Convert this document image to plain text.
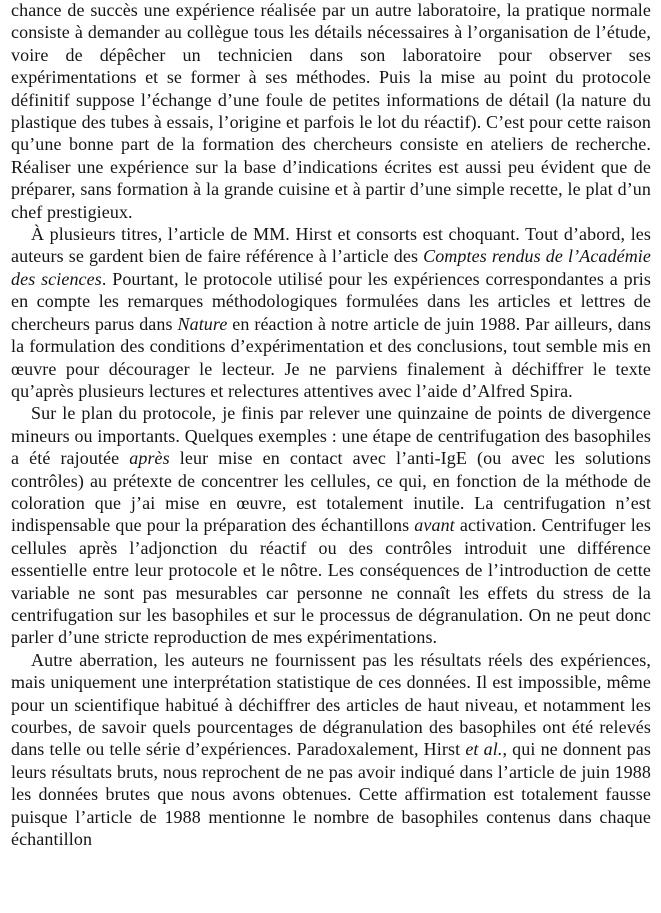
chance de succès une expérience réalisée par un autre laboratoire, la pratique normale consiste à demander au collègue tous les détails nécessaires à l’organisation de l’étude, voire de dépêcher un technicien dans son laboratoire pour observer ses expérimentations et se former à ses méthodes. Puis la mise au point du protocole définitif suppose l’échange d’une foule de petites informations de détail (la nature du plastique des tubes à essais, l’origine et parfois le lot du réactif). C’est pour cette raison qu’une bonne part de la formation des chercheurs consiste en ateliers de recherche. Réaliser une expérience sur la base d’indications écrites est aussi peu évident que de préparer, sans formation à la grande cuisine et à partir d’une simple recette, le plat d’un chef prestigieux.

À plusieurs titres, l’article de MM. Hirst et consorts est choquant. Tout d’abord, les auteurs se gardent bien de faire référence à l’article des Comptes rendus de l’Académie des sciences. Pourtant, le protocole utilisé pour les expériences correspondantes a pris en compte les remarques méthodologiques formulées dans les articles et lettres de chercheurs parus dans Nature en réaction à notre article de juin 1988. Par ailleurs, dans la formulation des conditions d’expérimentation et des conclusions, tout semble mis en œuvre pour décourager le lecteur. Je ne parviens finalement à déchiffrer le texte qu’après plusieurs lectures et relectures attentives avec l’aide d’Alfred Spira.

Sur le plan du protocole, je finis par relever une quinzaine de points de divergence mineurs ou importants. Quelques exemples : une étape de centrifugation des basophiles a été rajoutée après leur mise en contact avec l’anti-IgE (ou avec les solutions contrôles) au prétexte de concentrer les cellules, ce qui, en fonction de la méthode de coloration que j’ai mise en œuvre, est totalement inutile. La centrifugation n’est indispensable que pour la préparation des échantillons avant activation. Centrifuger les cellules après l’adjonction du réactif ou des contrôles introduit une différence essentielle entre leur protocole et le nôtre. Les conséquences de l’introduction de cette variable ne sont pas mesurables car personne ne connaît les effets du stress de la centrifugation sur les basophiles et sur le processus de dégranulation. On ne peut donc parler d’une stricte reproduction de mes expérimentations.

Autre aberration, les auteurs ne fournissent pas les résultats réels des expériences, mais uniquement une interprétation statistique de ces données. Il est impossible, même pour un scientifique habitué à déchiffrer des articles de haut niveau, et notamment les courbes, de savoir quels pourcentages de dégranulation des basophiles ont été relevés dans telle ou telle série d’expériences. Paradoxalement, Hirst et al., qui ne donnent pas leurs résultats bruts, nous reprochent de ne pas avoir indiqué dans l’article de juin 1988 les données brutes que nous avons obtenues. Cette affirmation est totalement fausse puisque l’article de 1988 mentionne le nombre de basophiles contenus dans chaque échantillon
